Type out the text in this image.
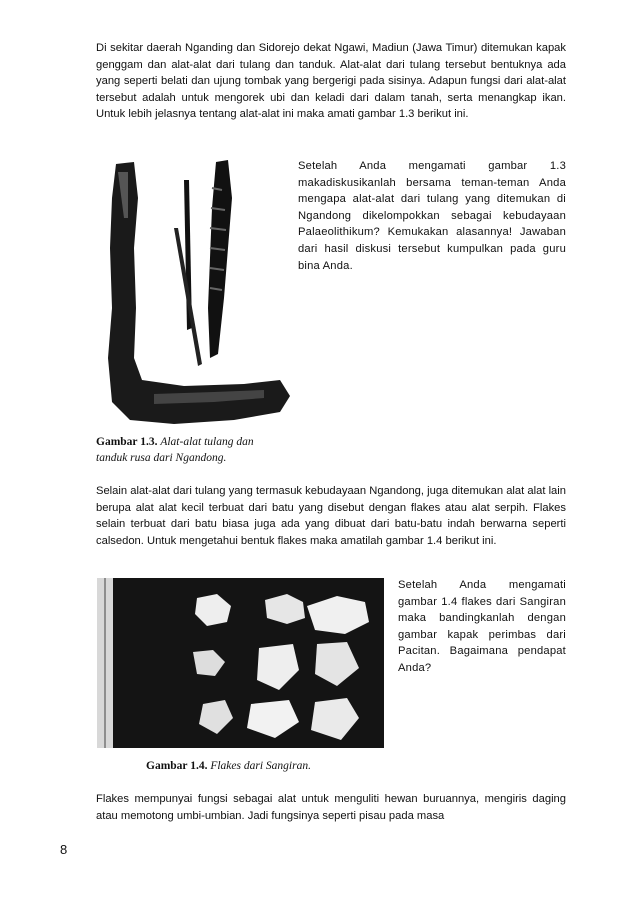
Di sekitar daerah Nganding dan Sidorejo dekat Ngawi, Madiun (Jawa Timur) ditemukan kapak genggam dan alat-alat dari tulang dan tanduk. Alat-alat dari tulang tersebut bentuknya ada yang seperti belati dan ujung tombak yang bergerigi pada sisinya. Adapun fungsi dari alat-alat tersebut adalah untuk mengorek ubi dan keladi dari dalam tanah, serta menangkap ikan. Untuk lebih jelasnya tentang alat-alat ini maka amati gambar 1.3 berikut ini.
Setelah Anda mengamati gambar 1.3 makadiskusikanlah bersama teman-teman Anda mengapa alat-alat dari tulang yang ditemukan di Ngandong dikelompokkan sebagai kebudayaan Palaeolithikum? Kemukakan alasannya! Jawaban dari hasil diskusi tersebut kumpulkan pada guru bina Anda.
Gambar 1.3. Alat-alat tulang dan tanduk rusa dari Ngandong.
Selain alat-alat dari tulang yang termasuk kebudayaan Ngandong, juga ditemukan alat alat lain berupa alat alat kecil terbuat dari batu yang disebut dengan flakes atau alat serpih. Flakes selain terbuat dari batu biasa juga ada yang dibuat dari batu-batu indah berwarna seperti calsedon. Untuk mengetahui bentuk flakes maka amatilah gambar 1.4 berikut ini.
Setelah Anda mengamati gambar 1.4 flakes dari Sangiran maka bandingkanlah dengan gambar kapak perimbas dari Pacitan. Bagaimana pendapat Anda?
Gambar 1.4. Flakes dari Sangiran.
Flakes mempunyai fungsi sebagai alat untuk menguliti hewan buruannya, mengiris daging atau memotong umbi-umbian. Jadi fungsinya seperti pisau pada masa
8
